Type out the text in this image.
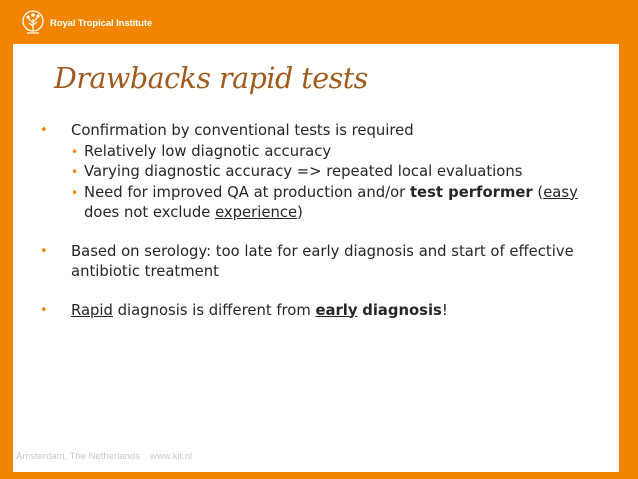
Royal Tropical Institute
Drawbacks rapid tests

• Confirmation by conventional tests is required

• Relatively low diagnotic accuracy

• Varying diagnostic accuracy => repeated local evaluations

• Need for improved QA at production and/or test performer (easy does not exclude experience)

• Based on serology: too late for early diagnosis and start of effective antibiotic treatment

• Rapid diagnosis is different from early diagnosis!

Amsterdam, The Netherlands www.kit.nl
